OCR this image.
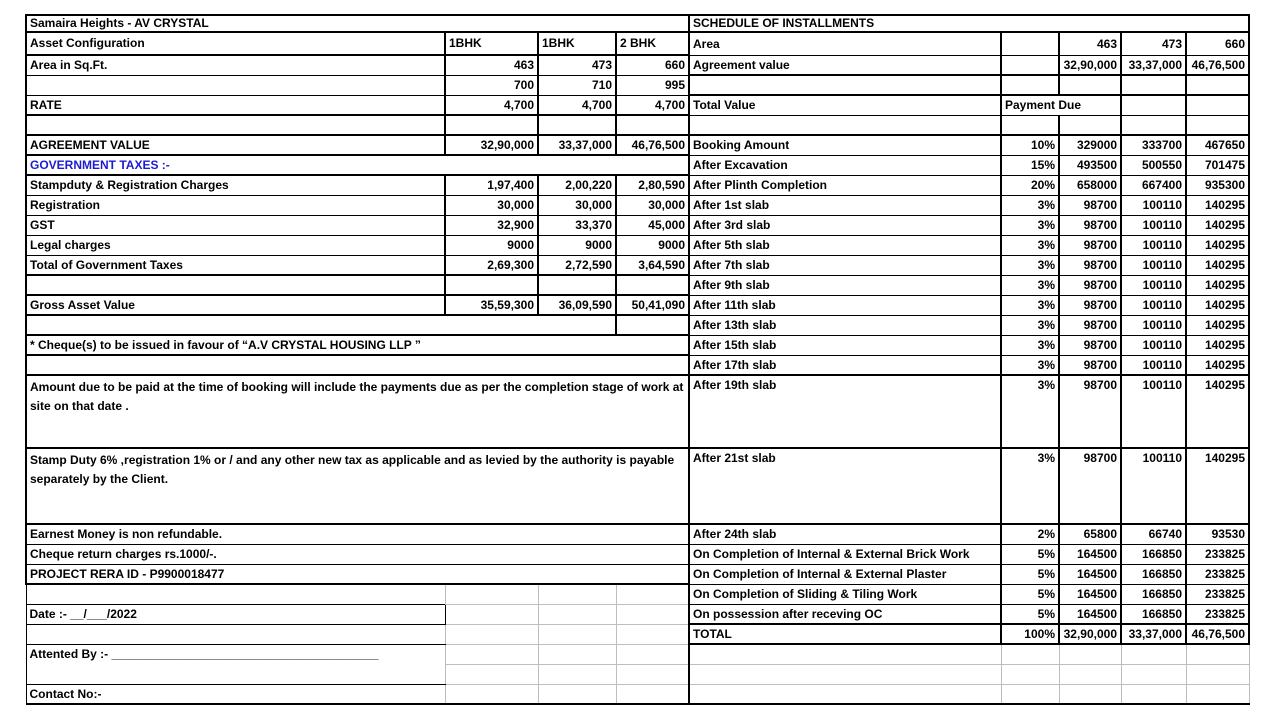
Samaira Heights - AV CRYSTAL				SCHEDULE OF INSTALLMENTS				
Asset Configuration	1BHK	1BHK	2 BHK	Area		463	473	660
Area in Sq.Ft.	463	473	660	Agreement value		32,90,000	33,37,000	46,76,500
	700	710	995					
RATE	4,700	4,700	4,700	Total Value	Payment Due			

AGREEMENT VALUE	32,90,000	33,37,000	46,76,500	Booking Amount	10%	329000	333700	467650
GOVERNMENT TAXES :-				After Excavation	15%	493500	500550	701475
Stampduty & Registration Charges	1,97,400	2,00,220	2,80,590	After Plinth Completion	20%	658000	667400	935300
Registration	30,000	30,000	30,000	After 1st slab	3%	98700	100110	140295
GST	32,900	33,370	45,000	After 3rd slab	3%	98700	100110	140295
Legal charges	9000	9000	9000	After 5th slab	3%	98700	100110	140295
Total of Government Taxes	2,69,300	2,72,590	3,64,590	After 7th slab	3%	98700	100110	140295
				After 9th slab	3%	98700	100110	140295
Gross Asset Value	35,59,300	36,09,590	50,41,090	After 11th slab	3%	98700	100110	140295
				After 13th slab	3%	98700	100110	140295
* Cheque(s) to be issued in favour of “A.V CRYSTAL HOUSING LLP ”				After 15th slab	3%	98700	100110	140295
				After 17th slab	3%	98700	100110	140295
Amount due to be paid at the time of booking will include the payments due as per the completion stage of work at site on that date .				After 19th slab	3%	98700	100110	140295
Stamp Duty 6% ,registration 1% or / and any other new tax as applicable and as levied by the authority is payable separately by the Client.				After 21st slab	3%	98700	100110	140295
Earnest Money is non refundable.				After 24th slab	2%	65800	66740	93530
Cheque return charges rs.1000/-.				On Completion of Internal & External Brick Work	5%	164500	166850	233825
PROJECT RERA ID - P9900018477				On Completion of Internal & External Plaster	5%	164500	166850	233825
				On Completion of Sliding & Tiling Work	5%	164500	166850	233825
Date :- __/___/2022				On possession after receving OC	5%	164500	166850	233825
				TOTAL	100%	32,90,000	33,37,000	46,76,500
Attented By :- ________________________________________								

Contact No:-								
